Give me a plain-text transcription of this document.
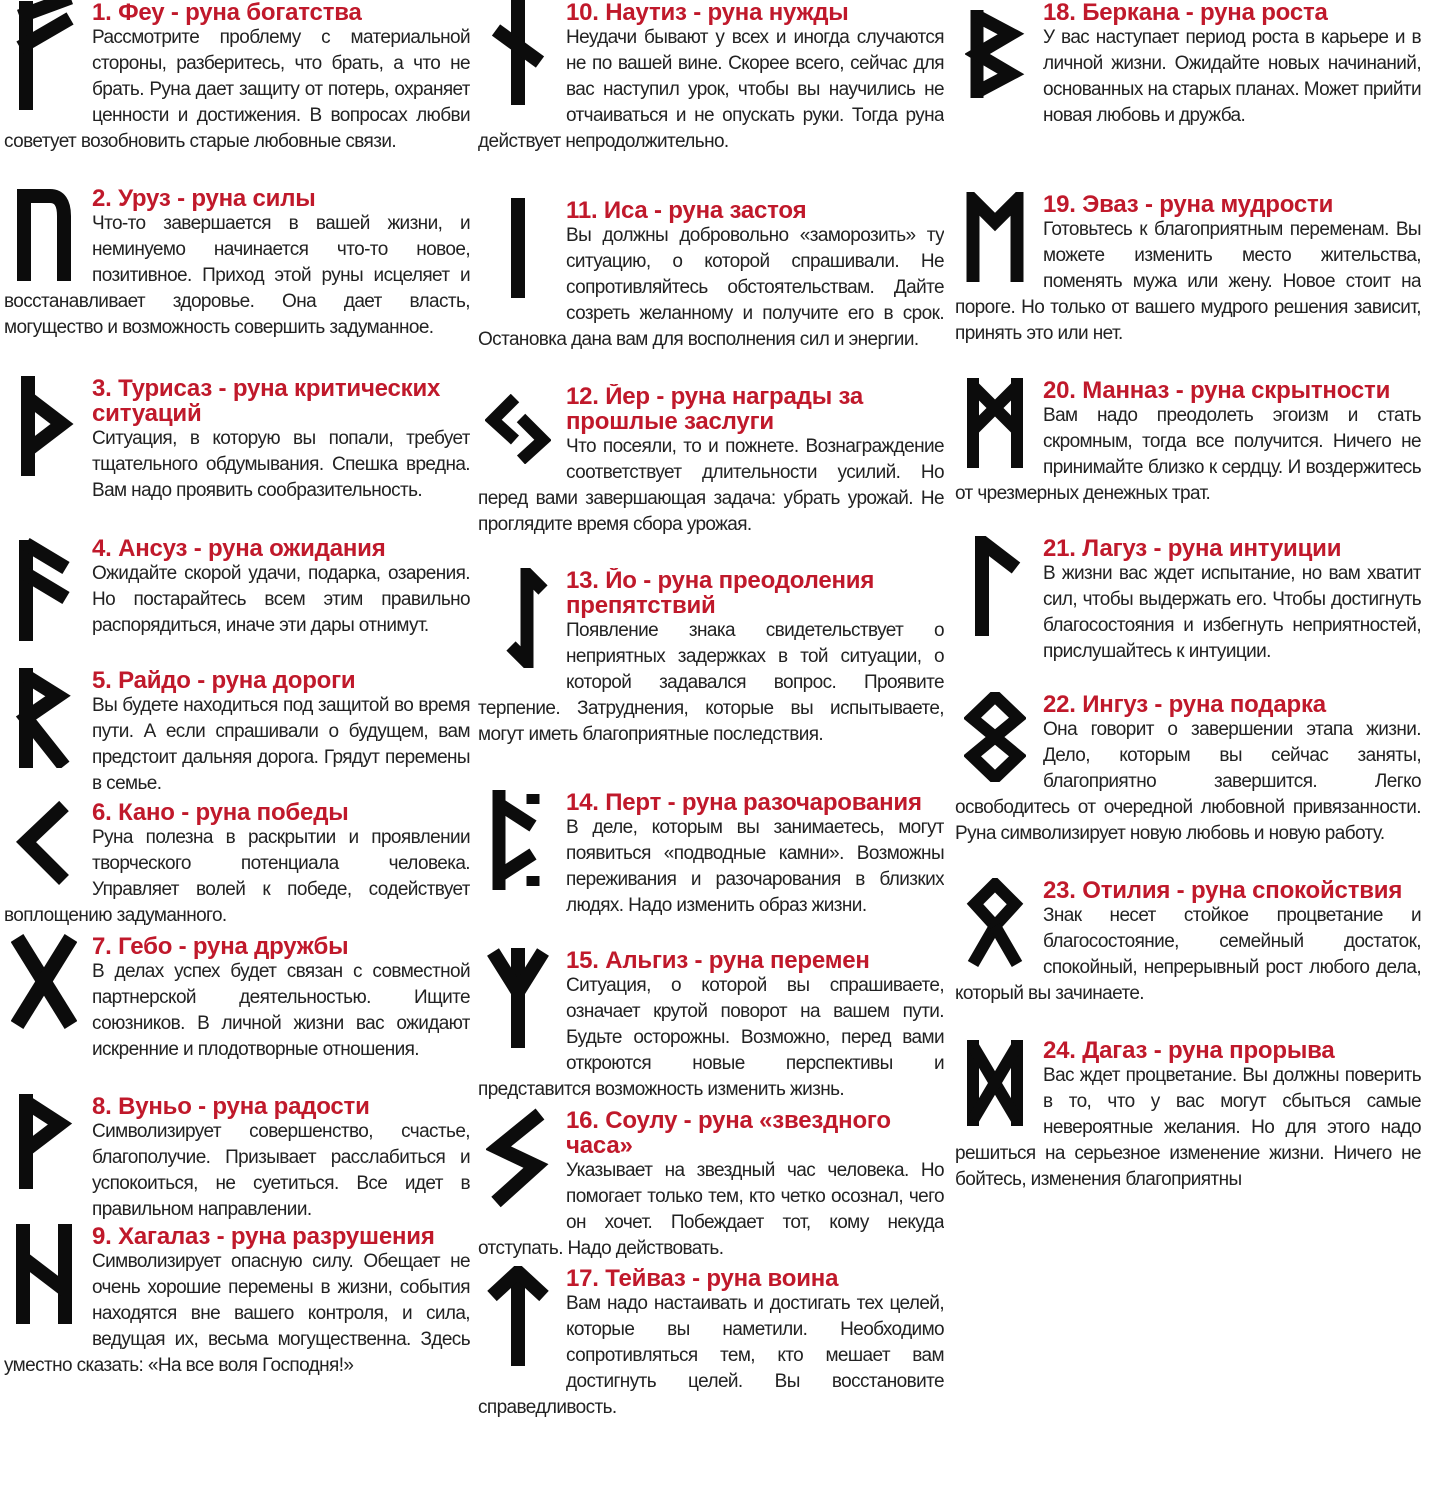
1. Феу - руна богатства

Рассмотрите проблему с материальной стороны, разберитесь, что брать, а что не брать. Руна дает защиту от потерь, охраняет ценности и достижения. В вопросах любви советует возобновить старые любовные связи.

2. Уруз - руна силы

Что-то завершается в вашей жизни, и неминуемо начинается что-то новое, позитивное. Приход этой руны исцеляет и восстанавливает здоровье. Она дает власть, могущество и возможность совершить задуманное.

3. Турисаз - руна критических ситуаций

Ситуация, в которую вы попали, требует тщательного обдумывания. Спешка вредна. Вам надо проявить сообразительность.

4. Ансуз - руна ожидания

Ожидайте скорой удачи, подарка, озарения. Но постарайтесь всем этим правильно распорядиться, иначе эти дары отнимут.

5. Райдо - руна дороги

Вы будете находиться под защитой во время пути. А если спрашивали о будущем, вам предстоит дальняя дорога. Грядут перемены в семье.

6. Кано - руна победы

Руна полезна в раскрытии и проявлении творческого потенциала человека. Управляет волей к победе, содействует воплощению задуманного.

7. Гебо - руна дружбы

В делах успех будет связан с совместной партнерской деятельностью. Ищите союзников. В личной жизни вас ожидают искренние и плодотворные отношения.

8. Вуньо - руна радости

Символизирует совершенство, счастье, благополучие. Призывает расслабиться и успокоиться, не суетиться. Все идет в правильном направлении.

9. Хагалаз - руна разрушения

Символизирует опасную силу. Обещает не очень хорошие перемены в жизни, события находятся вне вашего контроля, и сила, ведущая их, весьма могущественна. Здесь уместно сказать: «На все воля Господня!»

10. Наутиз - руна нужды

Неудачи бывают у всех и иногда случаются не по вашей вине. Скорее всего, сейчас для вас наступил урок, чтобы вы научились не отчаиваться и не опускать руки. Тогда руна действует непродолжительно.

11. Иса - руна застоя

Вы должны добровольно «заморозить» ту ситуацию, о которой спрашивали. Не сопротивляйтесь обстоятельствам. Дайте созреть желанному и получите его в срок. Остановка дана вам для восполнения сил и энергии.

12. Йер - руна награды за прошлые заслуги

Что посеяли, то и пожнете. Вознаграждение соответствует длительности усилий. Но перед вами завершающая задача: убрать урожай. Не проглядите время сбора урожая.

13. Йо - руна преодоления препятствий

Появление знака свидетельствует о неприятных задержках в той ситуации, о которой задавался вопрос. Проявите терпение. Затруднения, которые вы испытываете, могут иметь благоприятные последствия.

14. Перт - руна разочарования

В деле, которым вы занимаетесь, могут появиться «подводные камни». Возможны переживания и разочарования в близких людях. Надо изменить образ жизни.

15. Альгиз - руна перемен

Ситуация, о которой вы спрашиваете, означает крутой поворот на вашем пути. Будьте осторожны. Возможно, перед вами откроются новые перспективы и представится возможность изменить жизнь.

16. Соулу - руна «звездного часа»

Указывает на звездный час человека. Но помогает только тем, кто четко осознал, чего он хочет. Побеждает тот, кому некуда отступать. Надо действовать.

17. Тейваз - руна воина

Вам надо настаивать и достигать тех целей, которые вы наметили. Необходимо сопротивляться тем, кто мешает вам достигнуть целей. Вы восстановите справедливость.

18. Беркана - руна роста

У вас наступает период роста в карьере и в личной жизни. Ожидайте новых начинаний, основанных на старых планах. Может прийти новая любовь и дружба.

19. Эваз - руна мудрости

Готовьтесь к благоприятным переменам. Вы можете изменить место жительства, поменять мужа или жену. Новое стоит на пороге. Но только от вашего мудрого решения зависит, принять это или нет.

20. Манназ - руна скрытности

Вам надо преодолеть эгоизм и стать скромным, тогда все получится. Ничего не принимайте близко к сердцу. И воздержитесь от чрезмерных денежных трат.

21. Лагуз - руна интуиции

В жизни вас ждет испытание, но вам хватит сил, чтобы выдержать его. Чтобы достигнуть благосостояния и избегнуть неприятностей, прислушайтесь к интуиции.

22. Ингуз - руна подарка

Она говорит о завершении этапа жизни. Дело, которым вы сейчас заняты, благоприятно завершится. Легко освободитесь от очередной любовной привязанности. Руна символизирует новую любовь и новую работу.

23. Отилия - руна спокойствия

Знак несет стойкое процветание и благосостояние, семейный достаток, спокойный, непрерывный рост любого дела, который вы зачинаете.

24. Дагаз - руна прорыва

Вас ждет процветание. Вы должны поверить в то, что у вас могут сбыться самые невероятные желания. Но для этого надо решиться на серьезное изменение жизни. Ничего не бойтесь, изменения благоприятны
